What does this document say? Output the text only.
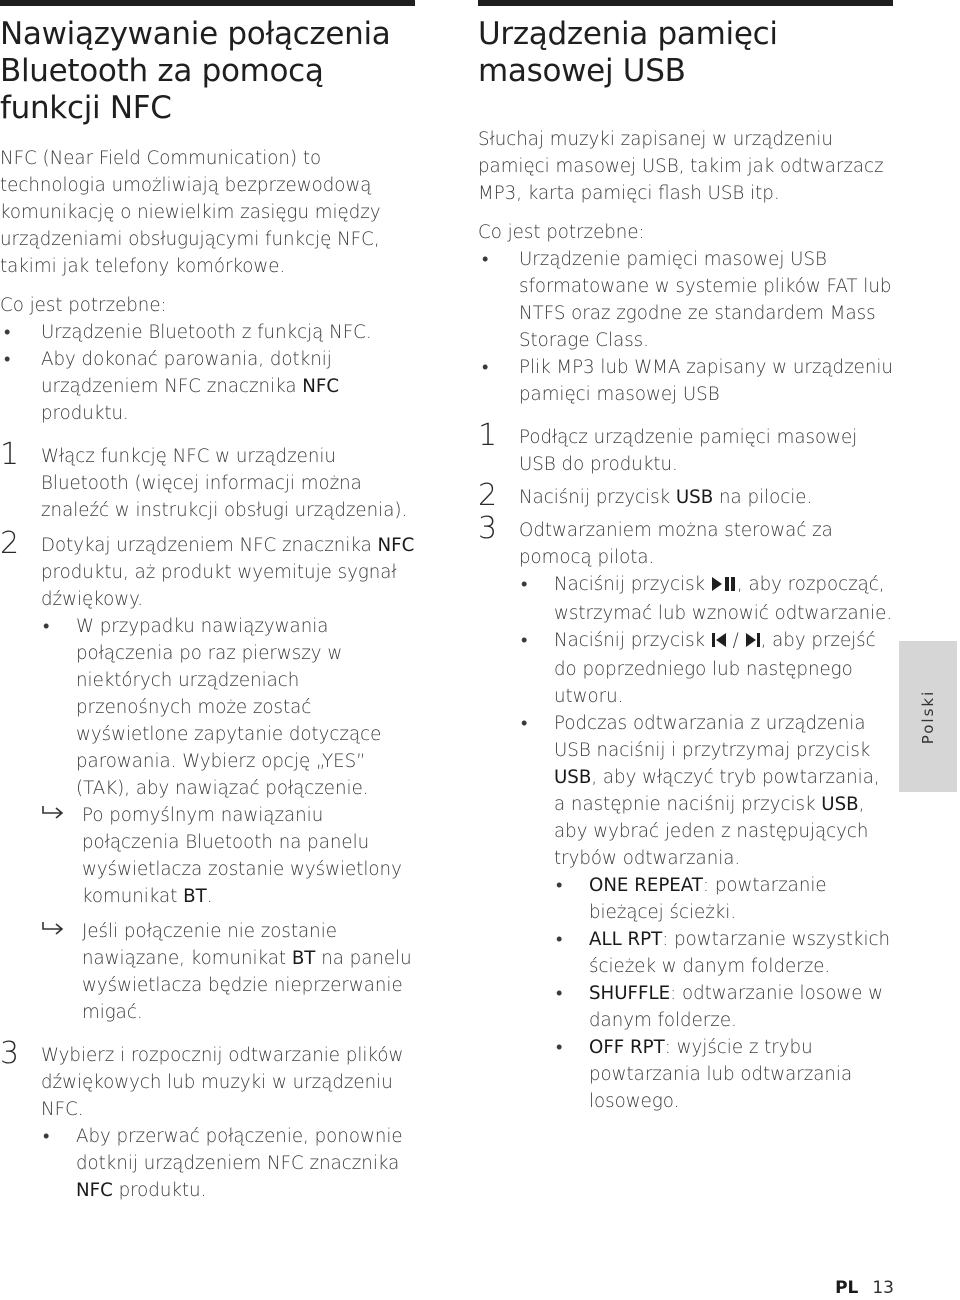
Nawiązywanie połączenia Bluetooth za pomocą funkcji NFC

NFC (Near Field Communication) to technologia umożliwiają bezprzewodową komunikację o niewielkim zasięgu między urządzeniami obsługującymi funkcję NFC, takimi jak telefony komórkowe.

Co jest potrzebne:

• Urządzenie Bluetooth z funkcją NFC.
• Aby dokonać parowania, dotknij urządzeniem NFC znacznika NFC produktu.
1 Włącz funkcję NFC w urządzeniu Bluetooth (więcej informacji można znaleźć w instrukcji obsługi urządzenia).
2 Dotykaj urządzeniem NFC znacznika NFC produktu, aż produkt wyemituje sygnał dźwiękowy.
• W przypadku nawiązywania połączenia po raz pierwszy w niektórych urządzeniach przenośnych może zostać wyświetlone zapytanie dotyczące parowania. Wybierz opcję „YES” (TAK), aby nawiązać połączenie.
Po pomyślnym nawiązaniu połączenia Bluetooth na panelu wyświetlacza zostanie wyświetlony komunikat BT.
Jeśli połączenie nie zostanie nawiązane, komunikat BT na panelu wyświetlacza będzie nieprzerwanie migać.
3 Wybierz i rozpocznij odtwarzanie plików dźwiękowych lub muzyki w urządzeniu NFC.
• Aby przerwać połączenie, ponownie dotknij urządzeniem NFC znacznika NFC produktu.
Urządzenia pamięci masowej USB

Słuchaj muzyki zapisanej w urządzeniu pamięci masowej USB, takim jak odtwarzacz MP3, karta pamięci flash USB itp.

Co jest potrzebne:

• Urządzenie pamięci masowej USB sformatowane w systemie plików FAT lub NTFS oraz zgodne ze standardem Mass Storage Class.
• Plik MP3 lub WMA zapisany w urządzeniu pamięci masowej USB
1 Podłącz urządzenie pamięci masowej USB do produktu.
2 Naciśnij przycisk USB na pilocie.
3 Odtwarzaniem można sterować za pomocą pilota.
• Naciśnij przycisk , aby rozpocząć, wstrzymać lub wznowić odtwarzanie.
• Naciśnij przycisk  / , aby przejść do poprzedniego lub następnego utworu.
• Podczas odtwarzania z urządzenia USB naciśnij i przytrzymaj przycisk USB, aby włączyć tryb powtarzania, a następnie naciśnij przycisk USB, aby wybrać jeden z następujących trybów odtwarzania.
• ONE REPEAT: powtarzanie bieżącej ścieżki.
• ALL RPT: powtarzanie wszystkich ścieżek w danym folderze.
• SHUFFLE: odtwarzanie losowe w danym folderze.
• OFF RPT: wyjście z trybu powtarzania lub odtwarzania losowego.
Polski
PL 13
